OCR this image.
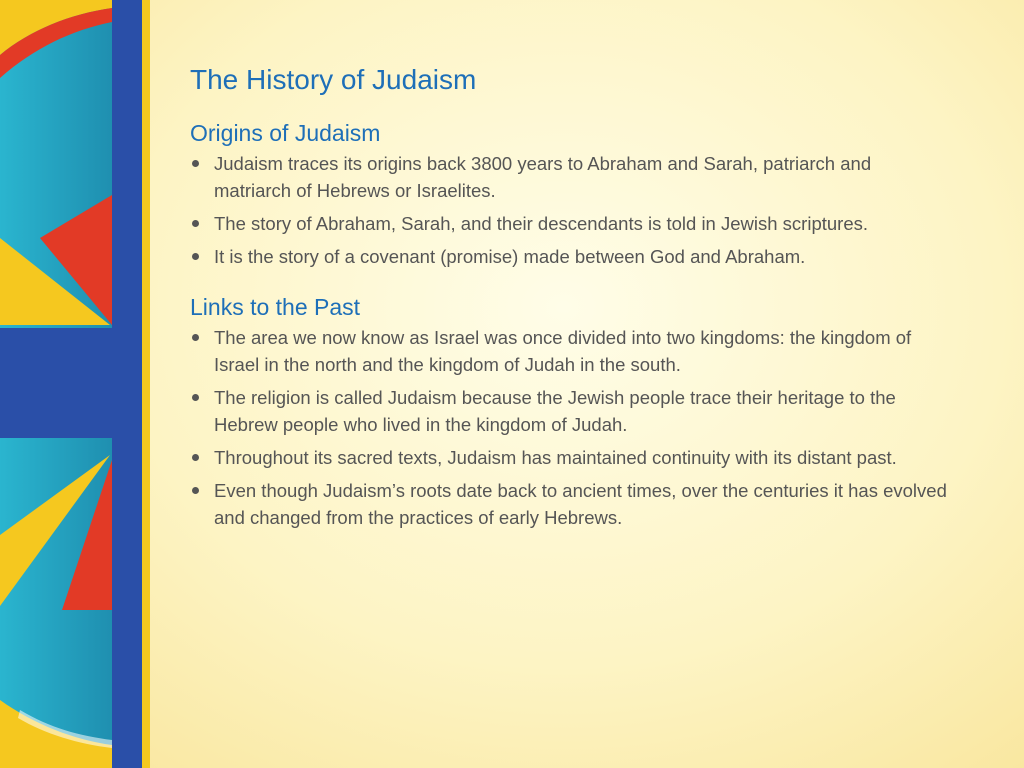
The History of Judaism
Origins of Judaism
Judaism traces its origins back 3800 years to Abraham and Sarah, patriarch and matriarch of Hebrews or Israelites.
The story of Abraham, Sarah, and their descendants is told in Jewish scriptures.
It is the story of a covenant (promise) made between God and Abraham.
Links to the Past
The area we now know as Israel was once divided into two kingdoms: the kingdom of Israel in the north and the kingdom of Judah in the south.
The religion is called Judaism because the Jewish people trace their heritage to the Hebrew people who lived in the kingdom of Judah.
Throughout its sacred texts, Judaism has maintained continuity with its distant past.
Even though Judaism’s roots date back to ancient times, over the centuries it has evolved and changed from the practices of early Hebrews.
